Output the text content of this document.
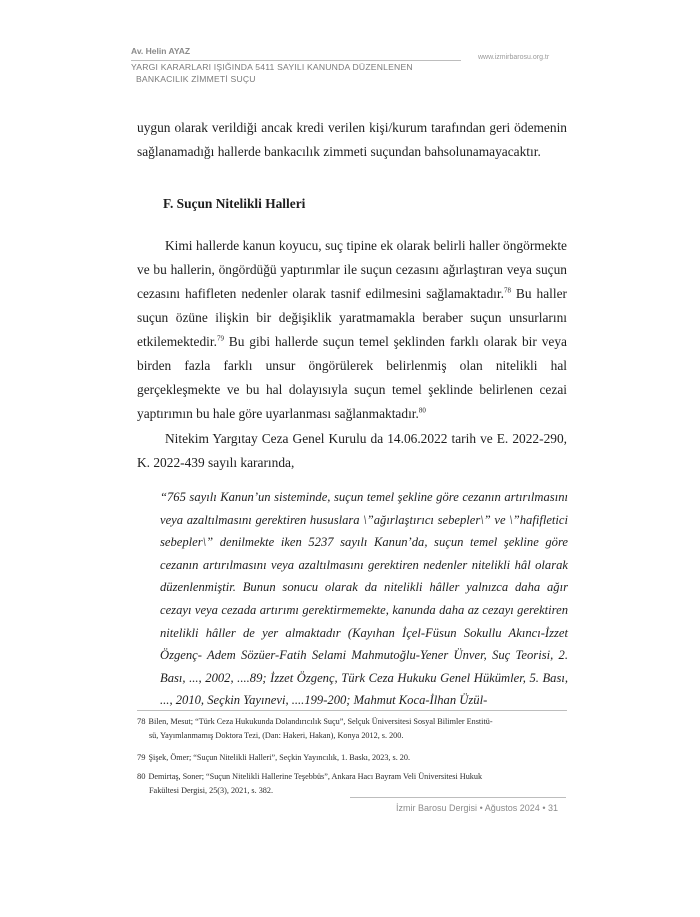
Av. Helin AYAZ
www.izmirbarosu.org.tr
YARGI KARARLARI IŞIĞINDA 5411 SAYILI KANUNDA DÜZENLENEN
BANKACILIK ZİMMETİ SUÇU
uygun olarak verildiği ancak kredi verilen kişi/kurum tarafından geri ödemenin sağlanamadığı hallerde bankacılık zimmeti suçundan bahsolunamayacaktır.
F. Suçun Nitelikli Halleri
Kimi hallerde kanun koyucu, suç tipine ek olarak belirli haller öngörmekte ve bu hallerin, öngördüğü yaptırımlar ile suçun cezasını ağırlaştıran veya suçun cezasını hafifleten nedenler olarak tasnif edilmesini sağlamaktadır.$^{78}$ Bu haller suçun özüne ilişkin bir değişiklik yaratmamakla beraber suçun unsurlarını etkilemektedir.$^{79}$ Bu gibi hallerde suçun temel şeklinden farklı olarak bir veya birden fazla farklı unsur öngörülerek belirlenmiş olan nitelikli hal gerçekleşmekte ve bu hal dolayısıyla suçun temel şeklinde belirlenen cezai yaptırımın bu hale göre uyarlanması sağlanmaktadır.$^{80}$
Nitekim Yargıtay Ceza Genel Kurulu da 14.06.2022 tarih ve E. 2022-290, K. 2022-439 sayılı kararında,
“765 sayılı Kanun’un sisteminde, suçun temel şekline göre cezanın artırılmasını veya azaltılmasını gerektiren hususlara \”ağırlaştırıcı sebepler\” ve \”hafifletici sebepler\” denilmekte iken 5237 sayılı Kanun’da, suçun temel şekline göre cezanın artırılmasını veya azaltılmasını gerektiren nedenler nitelikli hâl olarak düzenlenmiştir. Bunun sonucu olarak da nitelikli hâller yalnızca daha ağır cezayı veya cezada artırımı gerektirmemekte, kanunda daha az cezayı gerektiren nitelikli hâller de yer almaktadır (Kayıhan İçel-Füsun Sokullu Akıncı-İzzet Özgenç- Adem Sözüer-Fatih Selami Mahmutoğlu-Yener Ünver, Suç Teorisi, 2. Bası, ..., 2002, ....89; İzzet Özgenç, Türk Ceza Hukuku Genel Hükümler, 5. Bası, ..., 2010, Seçkin Yayınevi, ....199-200; Mahmut Koca-İlhan Üzül-
78 Bilen, Mesut; “Türk Ceza Hukukunda Dolandırıcılık Suçu”, Selçuk Üniversitesi Sosyal Bilimler Enstitü-
sü, Yayımlanmamış Doktora Tezi, (Dan: Hakeri, Hakan), Konya 2012, s. 200.
79 Şişek, Ömer; “Suçun Nitelikli Halleri”, Seçkin Yayıncılık, 1. Baskı, 2023, s. 20.
80 Demirtaş, Soner; “Suçun Nitelikli Hallerine Teşebbüs”, Ankara Hacı Bayram Veli Üniversitesi Hukuk
Fakültesi Dergisi, 25(3), 2021, s. 382.
İzmir Barosu Dergisi • Ağustos 2024 • 31
